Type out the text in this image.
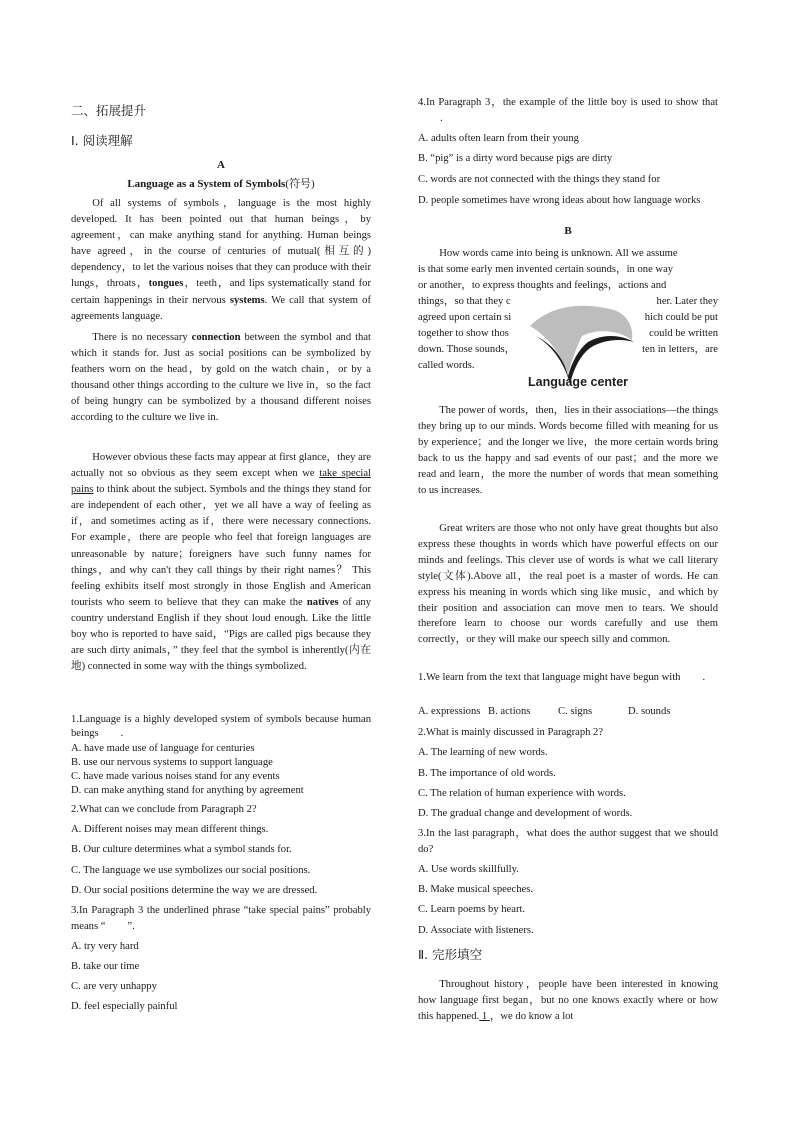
二、拓展提升
Ⅰ. 阅读理解
A
Language as a System of Symbols(符号)
Of all systems of symbols，language is the most highly developed. It has been pointed out that human beings，by agreement，can make anything stand for anything. Human beings have agreed，in the course of centuries of mutual(相互的) dependency，to let the various noises that they can produce with their lungs，throats，tongues，teeth，and lips systematically stand for certain happenings in their nervous systems. We call that system of agreements language.
There is no necessary connection between the symbol and that which it stands for. Just as social positions can be symbolized by feathers worn on the head，by gold on the watch chain，or by a thousand other things according to the culture we live in，so the fact of being hungry can be symbolized by a thousand different noises according to the culture we live in.
However obvious these facts may appear at first glance，they are actually not so obvious as they seem except when we take special pains to think about the subject. Symbols and the things they stand for are independent of each other，yet we all have a way of feeling as if，and sometimes acting as if，there were necessary connections. For example，there are people who feel that foreign languages are unreasonable by nature；foreigners have such funny names for things，and why can't they call things by their right names？ This feeling exhibits itself most strongly in those English and American tourists who seem to believe that they can make the natives of any country understand English if they shout loud enough. Like the little boy who is reported to have said，“Pigs are called pigs because they are such dirty animals，” they feel that the symbol is inherently(内在地) connected in some way with the things symbolized.
1.Language is a highly developed system of symbols because human beings .
A. have made use of language for centuries
B. use our nervous systems to support language
C. have made various noises stand for any events
D. can make anything stand for anything by agreement
2.What can we conclude from Paragraph 2?
A. Different noises may mean different things.
B. Our culture determines what a symbol stands for.
C. The language we use symbolizes our social positions.
D. Our social positions determine the way we are dressed.
3.In Paragraph 3 the underlined phrase “take special pains” probably means “ ”.
A. try very hard
B. take our time
C. are very unhappy
D. feel especially painful
4.In Paragraph 3，the example of the little boy is used to show that.
A. adults often learn from their young
B. “pig” is a dirty word because pigs are dirty
C. words are not connected with the things they stand for
D. people sometimes have wrong ideas about how language works
B
How words came into being is unknown. All we assume
is that some early men invented certain sounds，in one way
or another，to express thoughts and feelings，actions and
things，so that they c	her. Later they
agreed upon certain si	hich could be put
together to show thos	could be written
down. Those sounds，	ten in letters，are
called words.
The power of words，then，lies in their associations—the things they bring up to our minds. Words become filled with meaning for us by experience；and the longer we live，the more certain words bring back to us the happy and sad events of our past；and the more we read and learn，the more the number of words that mean something to us increases.
Great writers are those who not only have great thoughts but also express these thoughts in words which have powerful effects on our minds and feelings. This clever use of words is what we call literary style(文体).Above all，the real poet is a master of words. He can express his meaning in words which sing like music，and which by their position and association can move men to tears. We should therefore learn to choose our words carefully and use them correctly，or they will make our speech silly and common.
1.We learn from the text that language might have begun with .
A. expressions B. actions	C. signs	D. sounds
2.What is mainly discussed in Paragraph 2?
A. The learning of new words.
B. The importance of old words.
C. The relation of human experience with words.
D. The gradual change and development of words.
3.In the last paragraph，what does the author suggest that we should do?
A. Use words skillfully.
B. Make musical speeches.
C. Learn poems by heart.
D. Associate with listeners.
Ⅱ. 完形填空
Throughout history，people have been interested in knowing how language first began，but no one knows exactly where or how this happened. 1 ，we do know a lot
Language center
